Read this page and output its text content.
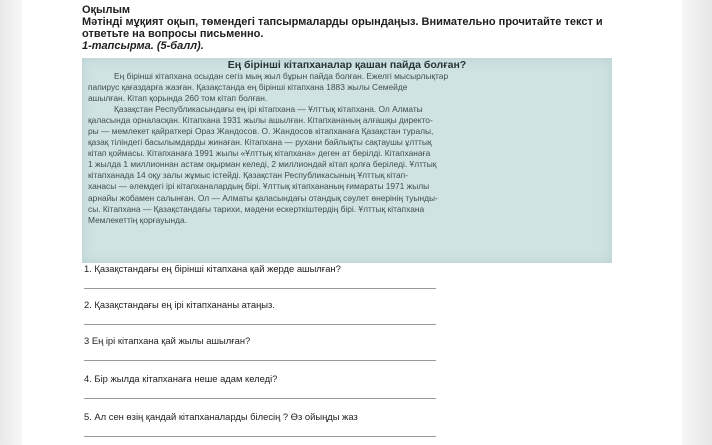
Оқылым
Мәтінді мұқият оқып, төмендегі тапсырмаларды орындаңыз. Внимательно прочитайте текст и
ответьте на вопросы письменно.
1-тапсырма. (5-балл).
Ең бірінші кітапханалар қашан пайда болған?

Ең бірінші кітапхана осыдан сегіз мың жыл бұрын пайда болған. Ежелгі мысырлықтар
папирус қағаздарға жазған. Қазақстанда ең бірінші кітапхана 1883 жылы Семейде
ашылған. Кітап қорында 260 том кітап болған.
Қазақстан Республикасындағы ең ірі кітапхана — Ұлттық кітапхана. Ол Алматы
қаласында орналасқан. Кітапхана 1931 жылы ашылған. Кітапхананың алғашқы директо-
ры — мемлекет қайраткері Ораз Жандосов. О. Жандосов кітапханаға Қазақстан туралы,
қазақ тіліндегі басылымдарды жинаған. Кітапхана — рухани байлықты сақтаушы ұлттық
кітап қоймасы. Кітапханаға 1991 жылы «Ұлттық кітапхана» деген ат берілді. Кітапханаға
1 жылда 1 миллионнан астам оқырман келеді, 2 миллиондай кітап қолға беріледі. Ұлттық
кітапханада 14 оқу залы жұмыс істейді. Қазақстан Республикасының Ұлттық кітап-
ханасы — әлемдегі ірі кітапханалардың бірі. Ұлттық кітапхананың ғимараты 1971 жылы
арнайы жобамен салынған. Ол — Алматы қаласындағы отандық сәулет өнерінің туынды-
сы. Кітапхана — Қазақстандағы тарихи, мәдени ескерткіштердің бірі. Ұлттық кітапхана
Мемлекеттің қорғауында.

1. Қазақстандағы ең бірінші кітапхана қай жерде ашылған?
2. Қазақстандағы ең ірі кітапхананы атаңыз.
3 Ең ірі кітапхана қай жылы ашылған?
4. Бір жылда кітапханаға неше адам келеді?
5. Ал сен өзің қандай кітапханаларды білесің ? Өз ойыңды жаз
